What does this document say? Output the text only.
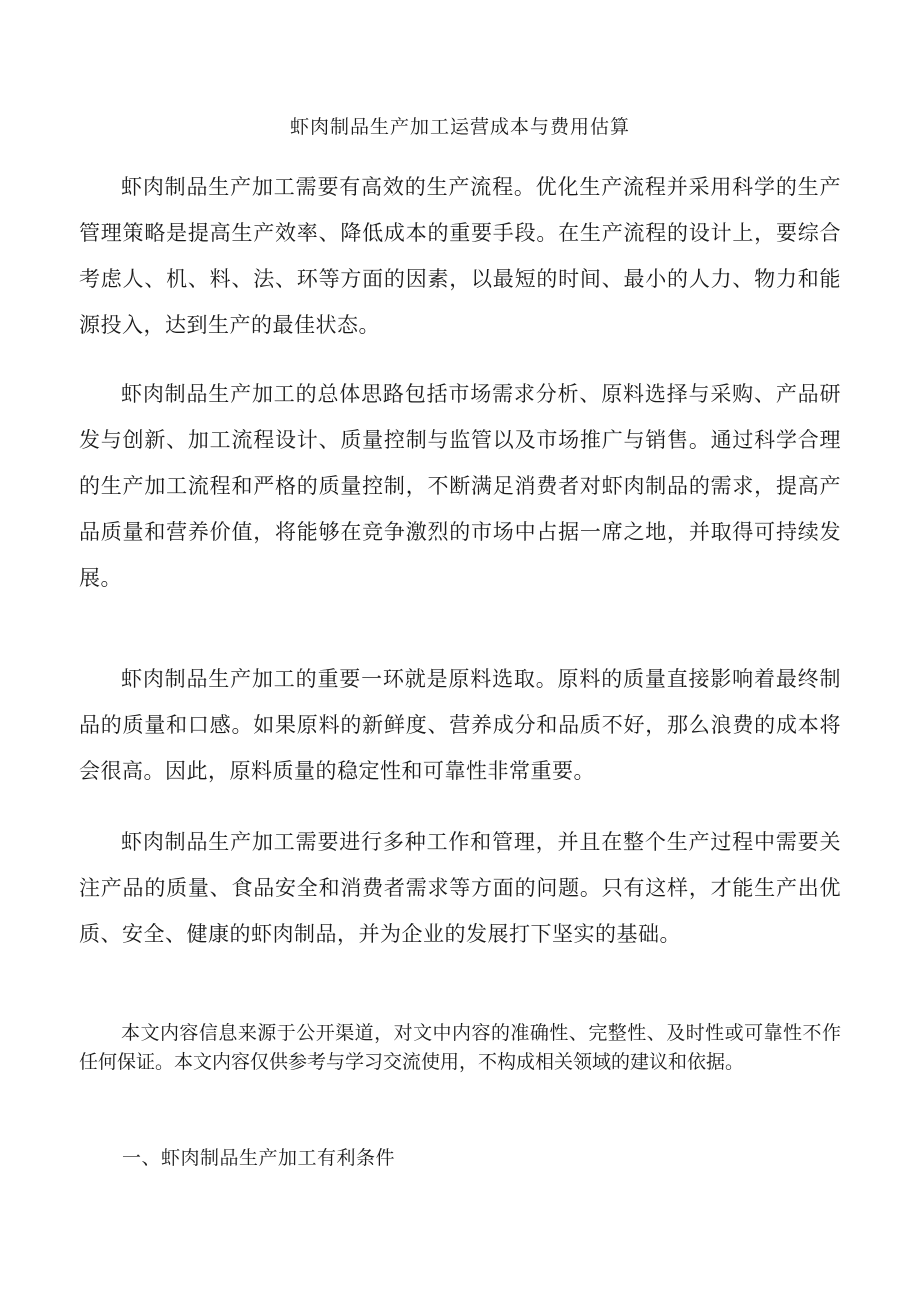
虾肉制品生产加工运营成本与费用估算

虾肉制品生产加工需要有高效的生产流程。优化生产流程并采用科学的生产管理策略是提高生产效率、降低成本的重要手段。在生产流程的设计上，要综合考虑人、机、料、法、环等方面的因素，以最短的时间、最小的人力、物力和能源投入，达到生产的最佳状态。

虾肉制品生产加工的总体思路包括市场需求分析、原料选择与采购、产品研发与创新、加工流程设计、质量控制与监管以及市场推广与销售。通过科学合理的生产加工流程和严格的质量控制，不断满足消费者对虾肉制品的需求，提高产品质量和营养价值，将能够在竞争激烈的市场中占据一席之地，并取得可持续发展。

虾肉制品生产加工的重要一环就是原料选取。原料的质量直接影响着最终制品的质量和口感。如果原料的新鲜度、营养成分和品质不好，那么浪费的成本将会很高。因此，原料质量的稳定性和可靠性非常重要。

虾肉制品生产加工需要进行多种工作和管理，并且在整个生产过程中需要关注产品的质量、食品安全和消费者需求等方面的问题。只有这样，才能生产出优质、安全、健康的虾肉制品，并为企业的发展打下坚实的基础。

本文内容信息来源于公开渠道，对文中内容的准确性、完整性、及时性或可靠性不作任何保证。本文内容仅供参考与学习交流使用，不构成相关领域的建议和依据。

一、虾肉制品生产加工有利条件
